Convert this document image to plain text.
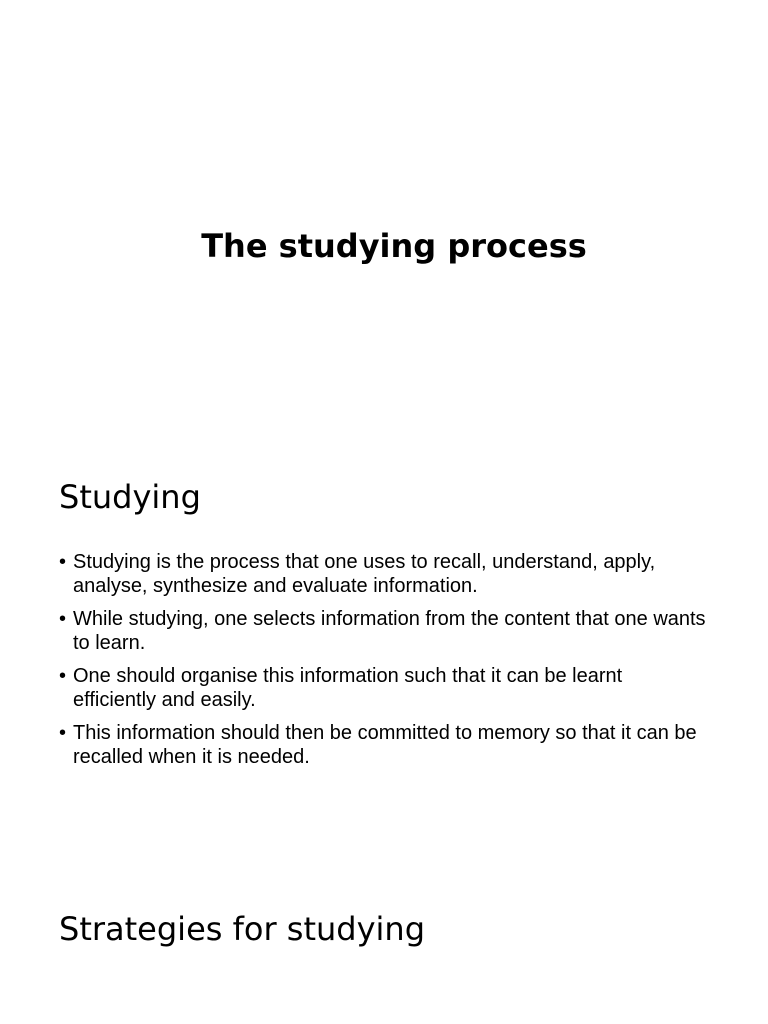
The studying process
Studying
• Studying is the process that one uses to recall, understand, apply, analyse, synthesize and evaluate information.
• While studying, one selects information from the content that one wants to learn.
• One should organise this information such that it can be learnt efficiently and easily.
• This information should then be committed to memory so that it can be recalled when it is needed.
Strategies for studying
